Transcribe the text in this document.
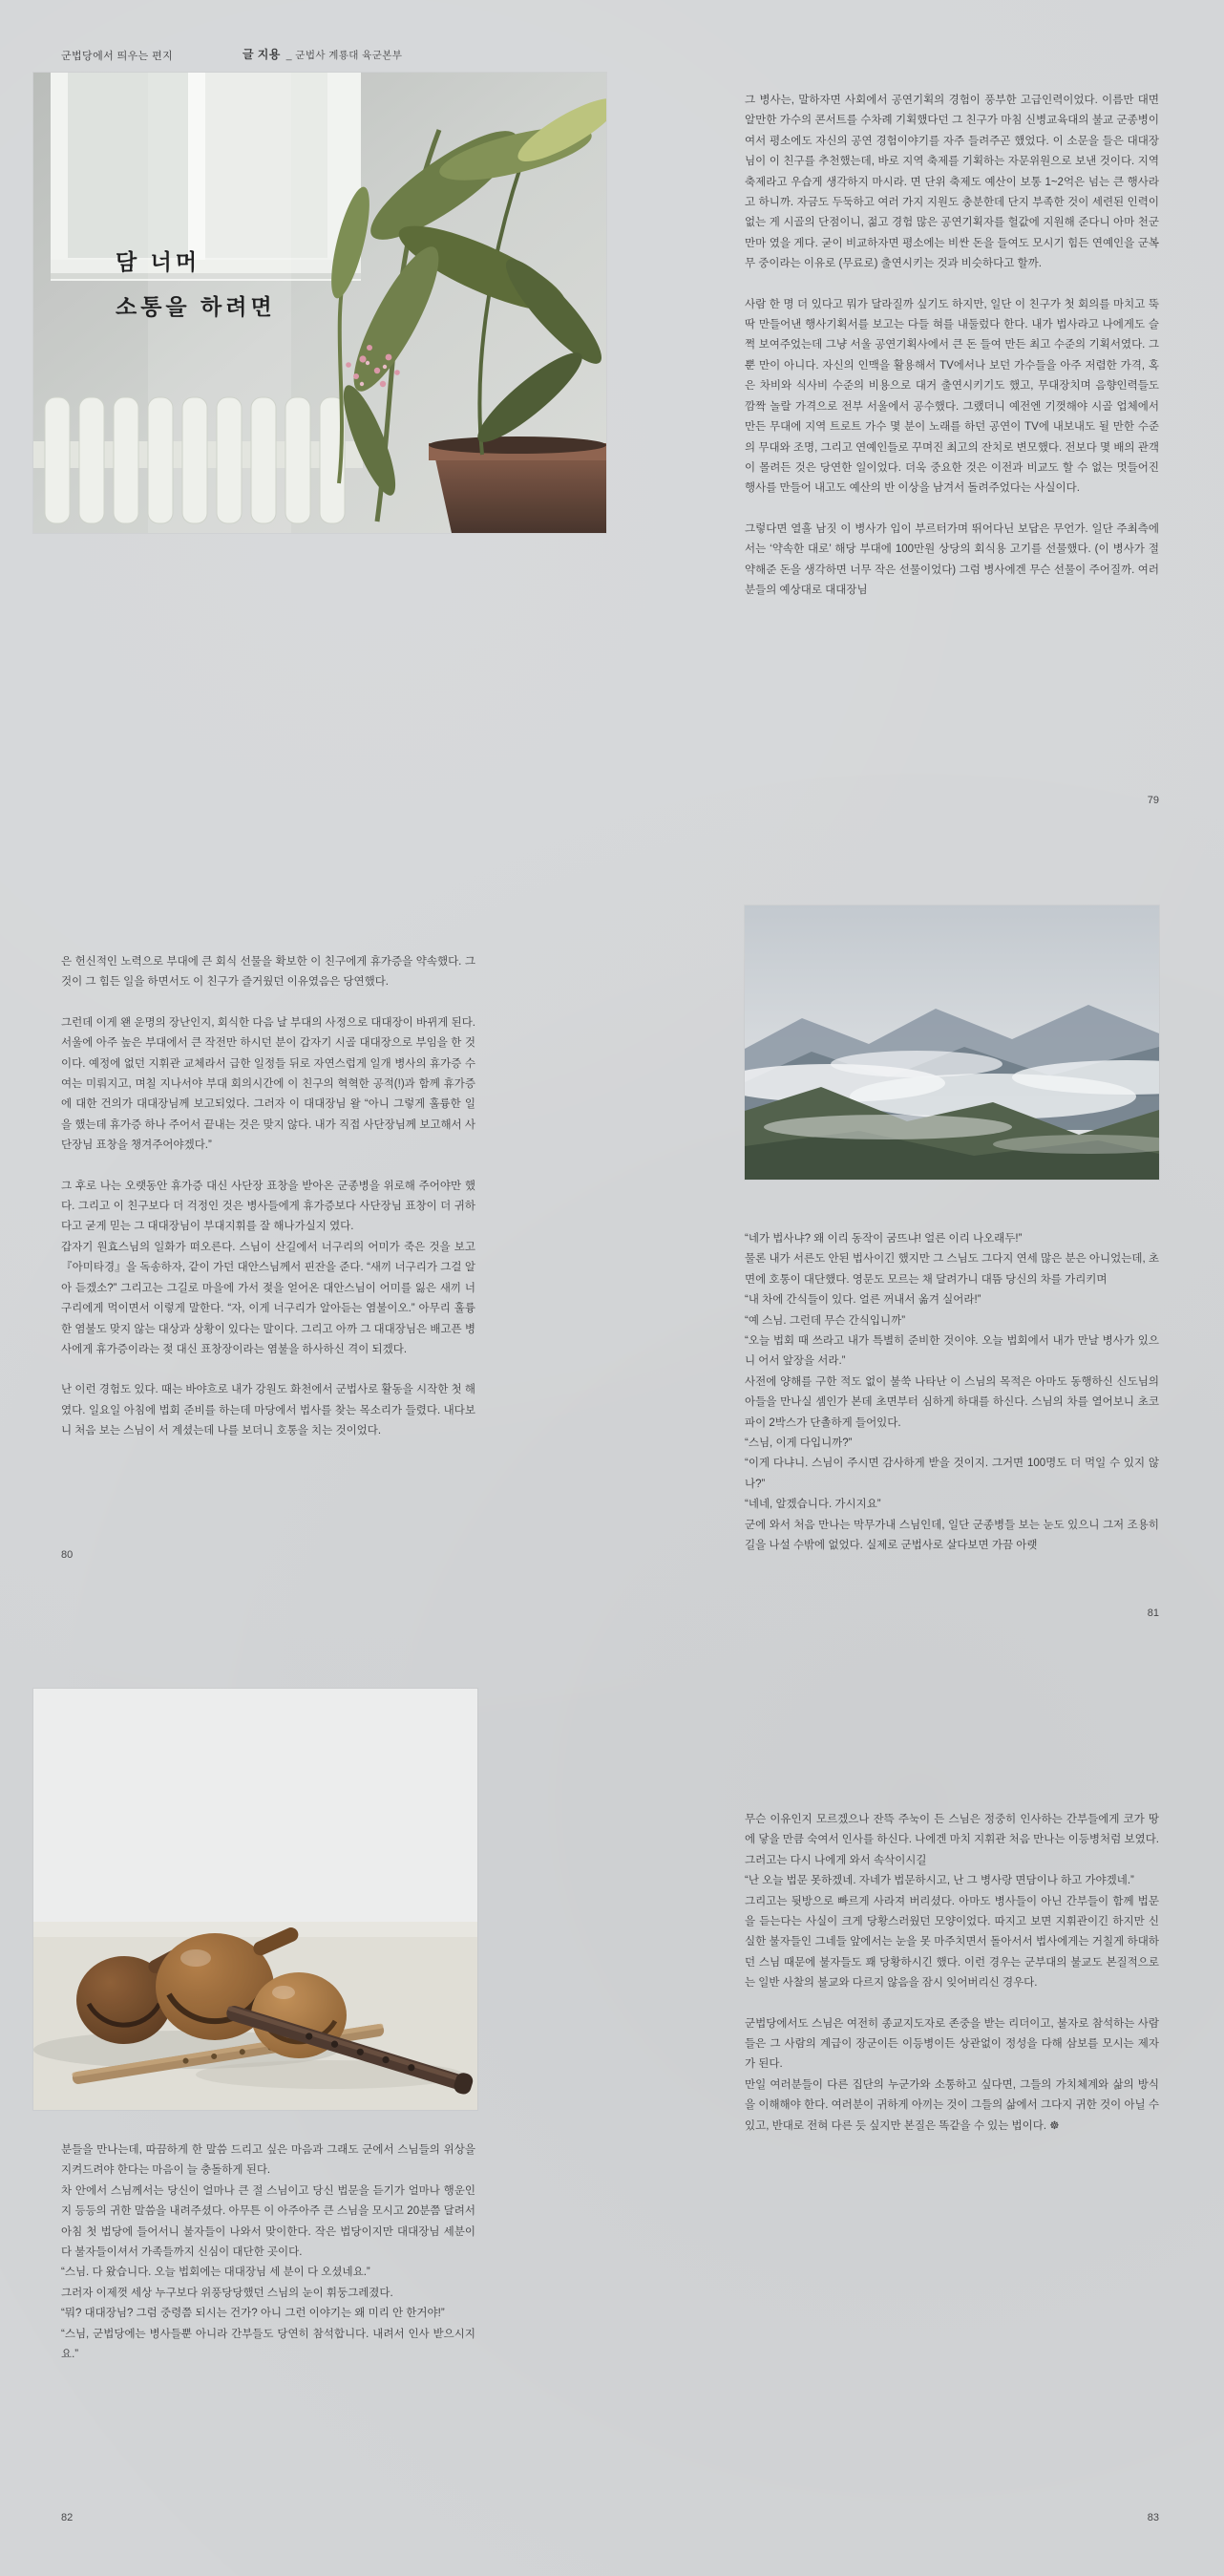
군법당에서 띄우는 편지	글 지용 _ 군법사 계룡대 육군본부
담 너머
소통을 하려면
그 병사는, 말하자면 사회에서 공연기획의 경험이 풍부한 고급인력이었다. 이름만 대면 알만한 가수의 콘서트를 수차례 기획했다던 그 친구가 마침 신병교육대의 불교 군종병이여서 평소에도 자신의 공연 경험이야기를 자주 들려주곤 했었다. 이 소문을 들은 대대장님이 이 친구를 추천했는데, 바로 지역 축제를 기획하는 자문위원으로 보낸 것이다. 지역 축제라고 우습게 생각하지 마시라. 면 단위 축제도 예산이 보통 1~2억은 넘는 큰 행사라고 하니까. 자금도 두둑하고 여러 가지 지원도 충분한데 단지 부족한 것이 세련된 인력이 없는 게 시골의 단점이니, 젊고 경험 많은 공연기획자를 헐값에 지원해 준다니 아마 천군만마 였을 게다. 굳이 비교하자면 평소에는 비싼 돈을 들여도 모시기 힘든 연예인을 군복무 중이라는 이유로 (무료로) 출연시키는 것과 비슷하다고 할까.
사람 한 명 더 있다고 뭐가 달라질까 싶기도 하지만, 일단 이 친구가 첫 회의를 마치고 뚝딱 만들어낸 행사기획서를 보고는 다들 혀를 내둘렀다 한다. 내가 법사라고 나에게도 슬쩍 보여주었는데 그냥 서울 공연기획사에서 큰 돈 들여 만든 최고 수준의 기획서였다. 그뿐 만이 아니다. 자신의 인맥을 활용해서 TV에서나 보던 가수들을 아주 저렴한 가격, 혹은 차비와 식사비 수준의 비용으로 대거 출연시키기도 했고, 무대장치며 음향인력들도 깜짝 놀랄 가격으로 전부 서울에서 공수했다. 그랬더니 예전엔 기껏해야 시골 업체에서 만든 무대에 지역 트로트 가수 몇 분이 노래를 하던 공연이 TV에 내보내도 될 만한 수준의 무대와 조명, 그리고 연예인들로 꾸며진 최고의 잔치로 변모했다. 전보다 몇 배의 관객이 몰려든 것은 당연한 일이었다. 더욱 중요한 것은 이전과 비교도 할 수 없는 멋들어진 행사를 만들어 내고도 예산의 반 이상을 남겨서 돌려주었다는 사실이다.
그렇다면 열흘 남짓 이 병사가 입이 부르터가며 뛰어다닌 보답은 무언가. 일단 주최측에서는 ‘약속한 대로’ 해당 부대에 100만원 상당의 회식용 고기를 선물했다. (이 병사가 절약해준 돈을 생각하면 너무 작은 선물이었다) 그럼 병사에겐 무슨 선물이 주어질까. 여러분들의 예상대로 대대장님
79
은 헌신적인 노력으로 부대에 큰 회식 선물을 확보한 이 친구에게 휴가증을 약속했다. 그것이 그 힘든 일을 하면서도 이 친구가 즐거웠던 이유였음은 당연했다.
그런데 이게 왠 운명의 장난인지, 회식한 다음 날 부대의 사정으로 대대장이 바뀌게 된다. 서울에 아주 높은 부대에서 큰 작전만 하시던 분이 갑자기 시골 대대장으로 부임을 한 것이다. 예정에 없던 지휘관 교체라서 급한 일정들 뒤로 자연스럽게 일개 병사의 휴가증 수여는 미뤄지고, 며칠 지나서야 부대 회의시간에 이 친구의 혁혁한 공적(!)과 함께 휴가증에 대한 건의가 대대장님께 보고되었다. 그러자 이 대대장님 왈 “아니 그렇게 훌륭한 일을 했는데 휴가증 하나 주어서 끝내는 것은 맞지 않다. 내가 직접 사단장님께 보고해서 사단장님 표창을 챙겨주어야겠다.”
그 후로 나는 오랫동안 휴가증 대신 사단장 표창을 받아온 군종병을 위로해 주어야만 했다. 그리고 이 친구보다 더 걱정인 것은 병사들에게 휴가증보다 사단장님 표창이 더 귀하다고 굳게 믿는 그 대대장님이 부대지휘를 잘 해나가실지 였다.
갑자기 원효스님의 일화가 떠오른다. 스님이 산길에서 너구리의 어미가 죽은 것을 보고 『아미타경』을 독송하자, 같이 가던 대안스님께서 핀잔을 준다. “새끼 너구리가 그걸 알아 듣겠소?” 그리고는 그길로 마을에 가서 젖을 얻어온 대안스님이 어미를 잃은 새끼 너구리에게 먹이면서 이렇게 말한다. “자, 이게 너구리가 알아듣는 염불이오.” 아무리 훌륭한 염불도 맞지 않는 대상과 상황이 있다는 말이다. 그리고 아까 그 대대장님은 배고픈 병사에게 휴가증이라는 젖 대신 표창장이라는 염불을 하사하신 격이 되겠다.
난 이런 경험도 있다. 때는 바야흐로 내가 강원도 화천에서 군법사로 활동을 시작한 첫 해였다. 일요일 아침에 법회 준비를 하는데 마당에서 법사를 찾는 목소리가 들렸다. 내다보니 처음 보는 스님이 서 계셨는데 나를 보더니 호통을 치는 것이었다.
80
“네가 법사냐? 왜 이리 동작이 굼뜨냐! 얼른 이리 나오래두!”
물론 내가 서른도 안된 법사이긴 했지만 그 스님도 그다지 연세 많은 분은 아니었는데, 초면에 호통이 대단했다. 영문도 모르는 채 달려가니 대뜸 당신의 차를 가리키며
“내 차에 간식들이 있다. 얼른 꺼내서 옮겨 실어라!”
“예 스님. 그런데 무슨 간식입니까”
“오늘 법회 때 쓰라고 내가 특별히 준비한 것이야. 오늘 법회에서 내가 만날 병사가 있으니 어서 앞장을 서라.”
사전에 양해를 구한 적도 없이 불쑥 나타난 이 스님의 목적은 아마도 동행하신 신도님의 아들을 만나실 셈인가 본데 초면부터 심하게 하대를 하신다. 스님의 차를 열어보니 초코파이 2박스가 단촐하게 들어있다.
“스님, 이게 다입니까?”
“이게 다냐니. 스님이 주시면 감사하게 받을 것이지. 그거면 100명도 더 먹일 수 있지 않나?”
“네네, 알겠습니다. 가시지요”
군에 와서 처음 만나는 막무가내 스님인데, 일단 군종병들 보는 눈도 있으니 그저 조용히 길을 나설 수밖에 없었다. 실제로 군법사로 살다보면 가끔 아랫
81
분들을 만나는데, 따끔하게 한 말씀 드리고 싶은 마음과 그래도 군에서 스님들의 위상을 지켜드려야 한다는 마음이 늘 충돌하게 된다.
차 안에서 스님께서는 당신이 얼마나 큰 절 스님이고 당신 법문을 듣기가 얼마나 행운인지 등등의 귀한 말씀을 내려주셨다. 아무튼 이 아주아주 큰 스님을 모시고 20분쯤 달려서 아침 첫 법당에 들어서니 불자들이 나와서 맞이한다. 작은 법당이지만 대대장님 세분이 다 불자들이셔서 가족들까지 신심이 대단한 곳이다.
“스님. 다 왔습니다. 오늘 법회에는 대대장님 세 분이 다 오셨네요.”
그러자 이제껏 세상 누구보다 위풍당당했던 스님의 눈이 휘둥그레졌다.
“뭐? 대대장님? 그럼 중령쯤 되시는 건가? 아니 그런 이야기는 왜 미리 안 한거야!”
“스님, 군법당에는 병사들뿐 아니라 간부들도 당연히 참석합니다. 내려서 인사 받으시지요.”
82
무슨 이유인지 모르겠으나 잔뜩 주눅이 든 스님은 정중히 인사하는 간부들에게 코가 땅에 닿을 만큼 숙여서 인사를 하신다. 나에겐 마치 지휘관 처음 만나는 이등병처럼 보였다. 그러고는 다시 나에게 와서 속삭이시길
“난 오늘 법문 못하겠네. 자네가 법문하시고, 난 그 병사랑 면담이나 하고 가야겠네.”
그리고는 뒷방으로 빠르게 사라져 버리셨다. 아마도 병사들이 아닌 간부들이 함께 법문을 듣는다는 사실이 크게 당황스러웠던 모양이었다. 따지고 보면 지휘관이긴 하지만 신실한 불자들인 그네들 앞에서는 눈을 못 마주치면서 돌아서서 법사에게는 거칠게 하대하던 스님 때문에 불자들도 꽤 당황하시긴 했다. 이런 경우는 군부대의 불교도 본질적으로는 일반 사찰의 불교와 다르지 않음을 잠시 잊어버리신 경우다.
군법당에서도 스님은 여전히 종교지도자로 존중을 받는 리더이고, 불자로 참석하는 사람들은 그 사람의 계급이 장군이든 이등병이든 상관없이 정성을 다해 삼보를 모시는 제자가 된다.
만일 여러분들이 다른 집단의 누군가와 소통하고 싶다면, 그들의 가치체계와 삶의 방식을 이해해야 한다. 여러분이 귀하게 아끼는 것이 그들의 삶에서 그다지 귀한 것이 아닐 수 있고, 반대로 전혀 다른 듯 싶지만 본질은 똑같을 수 있는 법이다. ☸
83
